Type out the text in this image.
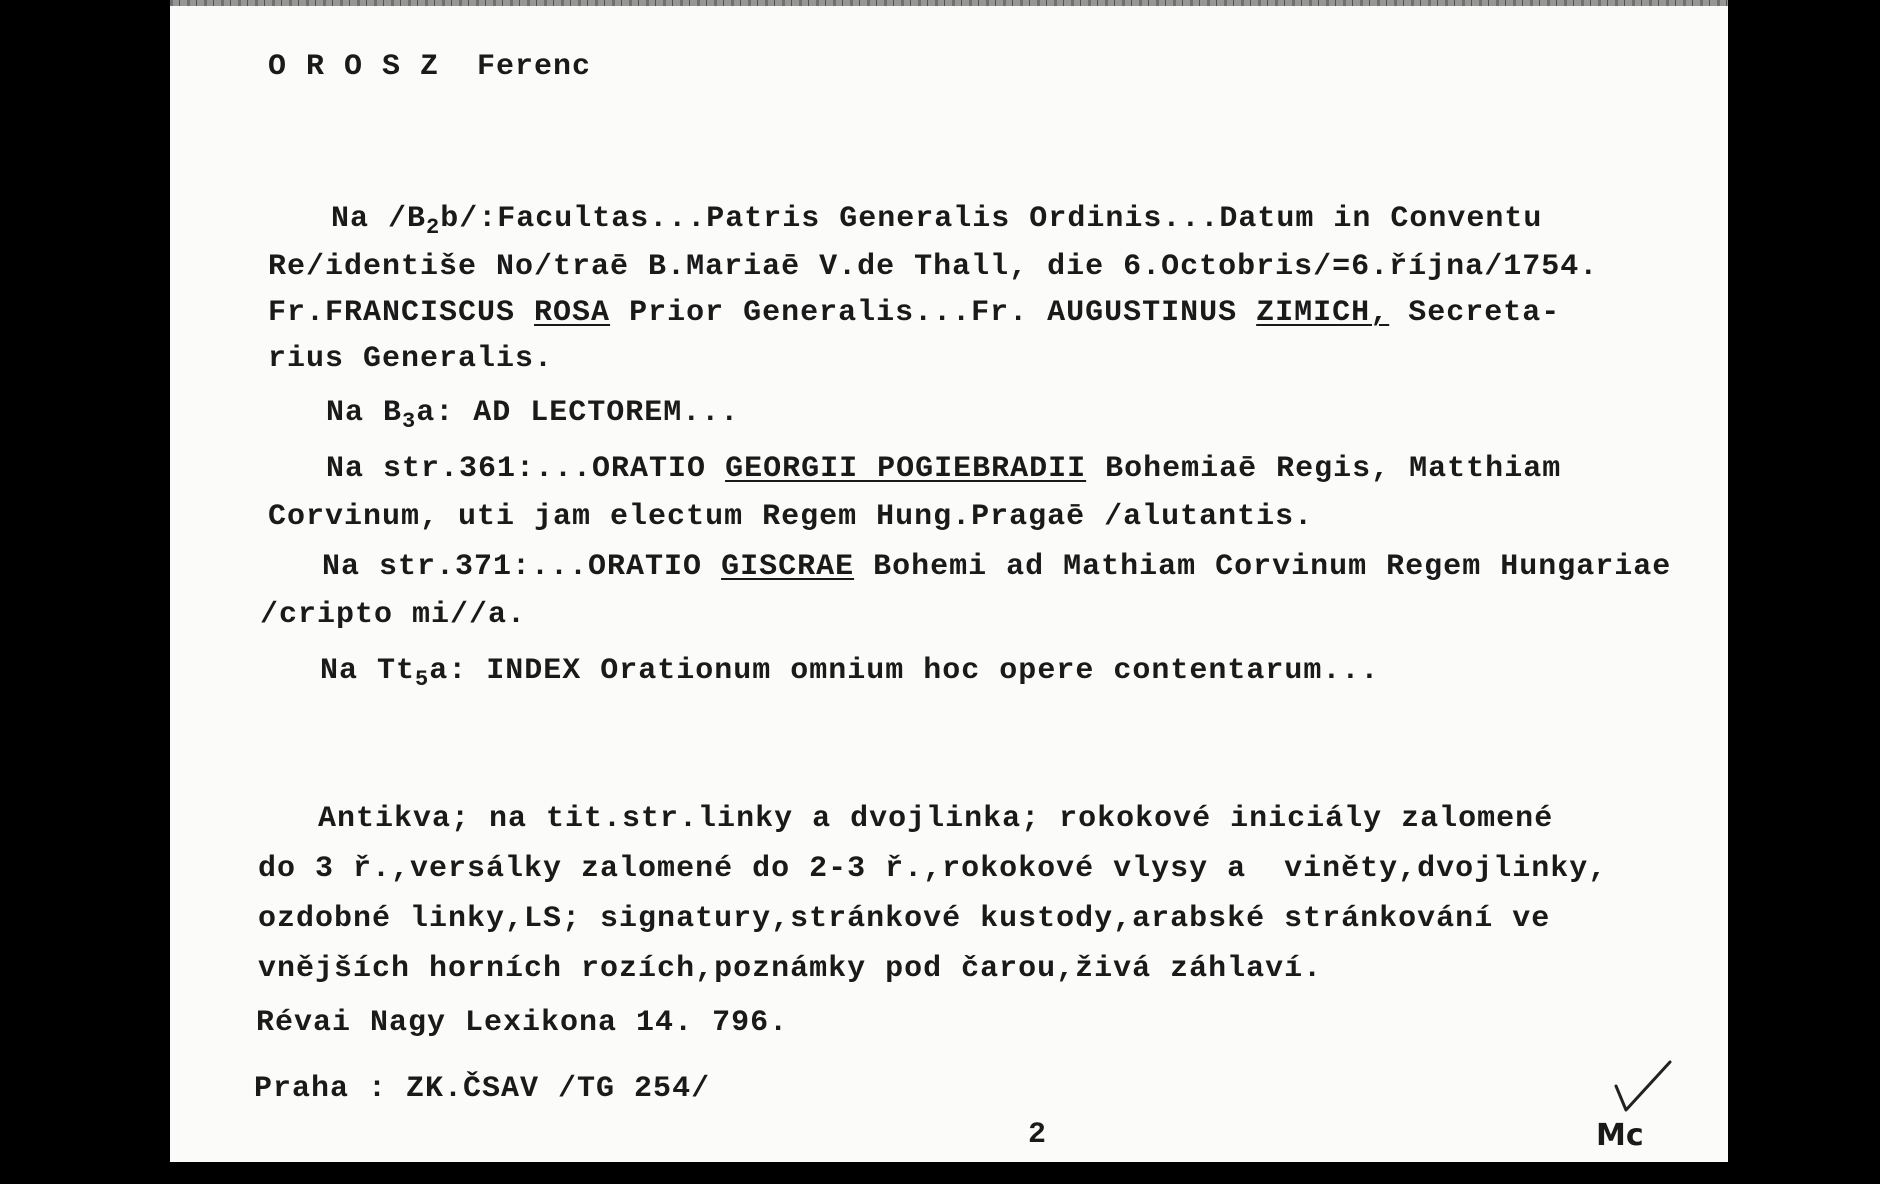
O R O S Z Ferenc
Na $/B_2b/:Facultas...Patris$ Generalis Ordinis...Datum in Conventu
Re/identiše No/traē B.Mariaē V.de Thall, die 6.Octobris/=6.října/1754.
Fr.FRANCISCUS ROSA Prior Generalis...Fr. AUGUSTINUS ZIMICH, Secreta-
rius Generalis.
Na $B_3a$: AD LECTOREM...
Na str.361:...ORATIO GEORGII POGIEBRADII Bohemiaē Regis, Matthiam
Corvinum, uti jam electum Regem Hung.Pragaē /alutantis.
Na str.371:...ORATIO GISCRAE Bohemi ad Mathiam Corvinum Regem Hungariae
/cripto mi//a.
Na $Tt_5a$: INDEX Orationum omnium hoc opere contentarum...
Antikva; na tit.str.linky a dvojlinka; rokokové iniciály zalomené
do 3 ř.,versálky zalomené do 2-3 ř.,rokokové vlysy a  viněty,dvojlinky,
ozdobné linky,LS; signatury,stránkové kustody,arabské stránkování ve
vnějších horních rozích,poznámky pod čarou,živá záhlaví.
Révai Nagy Lexikona 14. 796.
Praha : ZK.ČSAV /TG 254/
2	Mc
